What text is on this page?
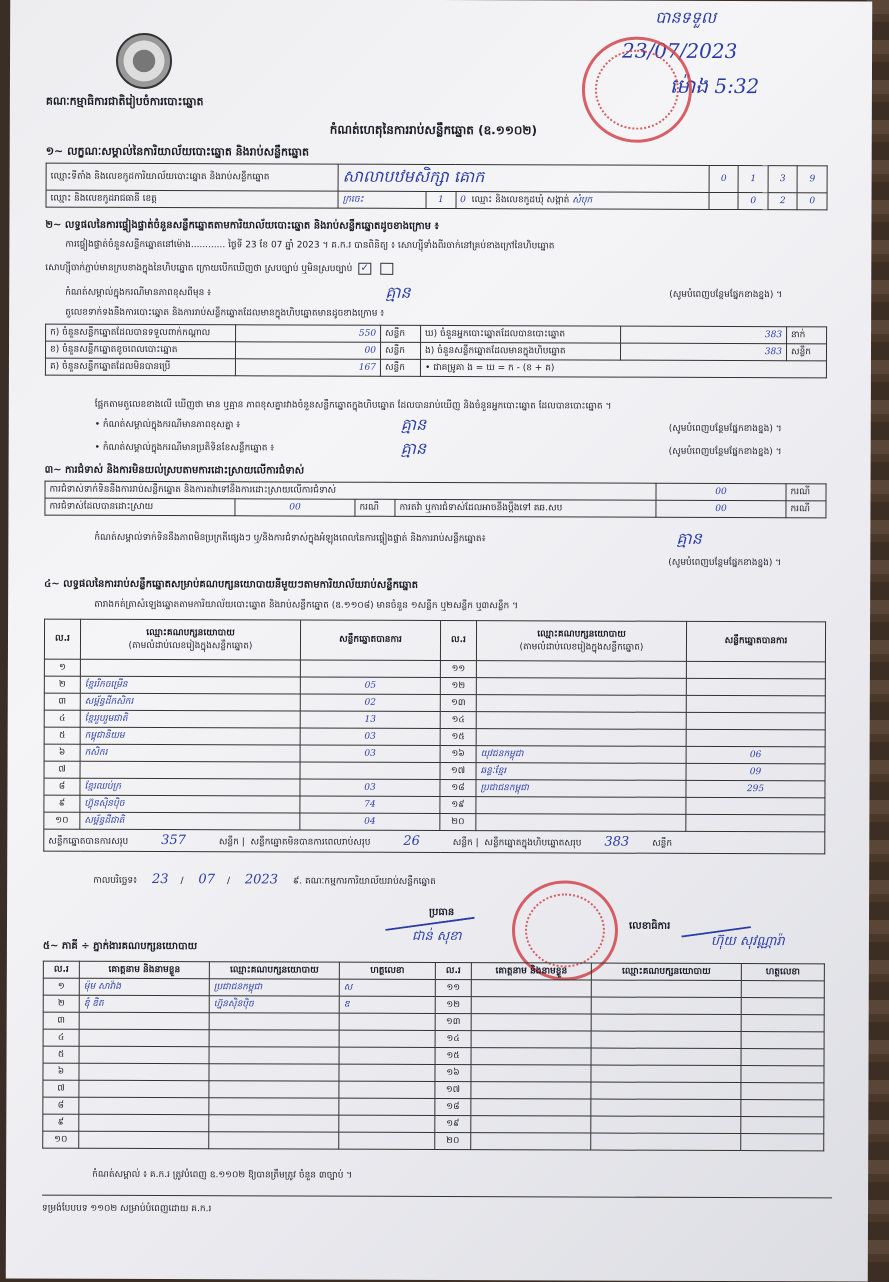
គណៈកម្មាធិការជាតិរៀបចំការបោះឆ្នោត
កំណត់ហេតុនៃការរាប់សន្លឹកឆ្នោត (ឧ.១១០២)
បានទទួល
23/07/2023
ម៉ោង 5:32
១~ លក្ខណៈសម្គាល់នៃការិយាល័យបោះឆ្នោត និងរាប់សន្លឹកឆ្នោត
ឈ្មោះទីតាំង និងលេខកូដការិយាល័យបោះឆ្នោត និងរាប់សន្លឹកឆ្នោត	សាលាបឋមសិក្សា គោក			0	1	3	9
ឈ្មោះ និងលេខកូដរាជធានី ខេត្ត	ក្រចេះ	1	0 ឈ្មោះ និងលេខកូដឃុំ សង្កាត់ សំបុក		0	2	0
២~ លទ្ធផលនៃការផ្ទៀងផ្ទាត់ចំនួនសន្លឹកឆ្នោតតាមការិយាល័យបោះឆ្នោត និងរាប់សន្លឹកឆ្នោតដូចខាងក្រោម ៖
ការផ្ទៀងផ្ទាត់ចំនួនសន្លឹកឆ្នោតនៅម៉ោង............ ថ្ងៃទី 23 ខែ 07 ឆ្នាំ 2023 ។ គ.ក.រ បានពិនិត្យ ៖ សោហ្ស៊ីទាំងពីរចាក់នៅគ្រប់ខាងក្រៅនៃហិបឆ្នោត
សោហ្ស៊ីចាក់ភ្ជាប់មានក្របខាងក្នុងនៃហិបឆ្នោត ក្រោយបើកឃើញថា ស្របច្បាប់ ឬមិនស្របច្បាប់ ✓
កំណត់សម្គាល់ក្នុងករណីមានភាពខុសពីមុន ៖	គ្មាន	(សូមបំពេញបន្ថែមផ្នែកខាងខ្នង) ។
តួលេខទាក់ទងនឹងការបោះឆ្នោត និងការរាប់សន្លឹកឆ្នោតដែលមានក្នុងហិបឆ្នោតមានដូចខាងក្រោម ៖
ក) ចំនួនសន្លឹកឆ្នោតដែលបានទទួលពាក់កណ្តាល	550	សន្លឹក	ឃ) ចំនួនអ្នកបោះឆ្នោតដែលបានបោះឆ្នោត	383	នាក់
ខ) ចំនួនសន្លឹកឆ្នោតខូចពេលបោះឆ្នោត	00	សន្លឹក	ង) ចំនួនសន្លឹកឆ្នោតដែលមានក្នុងហិបឆ្នោត	383	សន្លឹក
គ) ចំនួនសន្លឹកឆ្នោតដែលមិនបានប្រើ	167	សន្លឹក	• ជាគម្រូគា ង = ឃ = ក - (ខ + គ)		
ផ្អែកតាមតួលេខខាងលើ ឃើញថា មាន ឬគ្មាន ភាពខុសគ្នារវាងចំនួនសន្លឹកឆ្នោតក្នុងហិបឆ្នោត ដែលបានរាប់ឃើញ និងចំនួនអ្នកបោះឆ្នោត ដែលបានបោះឆ្នោត ។
• កំណត់សម្គាល់ក្នុងករណីមានភាពខុសគ្នា ៖	គ្មាន	(សូមបំពេញបន្ថែមផ្នែកខាងខ្នង) ។
• កំណត់សម្គាល់ក្នុងករណីមានប្រតិទិនខែសន្លឹកឆ្នោត ៖	គ្មាន	(សូមបំពេញបន្ថែមផ្នែកខាងខ្នង) ។
៣~ ការជំទាស់ និងការមិនយល់ស្របតាមការដោះស្រាយលើការជំទាស់
ការជំទាស់ទាក់ទិននឹងការរាប់សន្លឹកឆ្នោត និងការតវ៉ាទៅនឹងការដោះស្រាយលើការជំទាស់				00	ករណី
ការជំទាស់ដែលបានដោះស្រាយ	00	ករណី	ការតវ៉ា ឬការជំទាស់ដែលអាចនឹងប្តឹងទៅ គឆ.សប	00	ករណី
កំណត់សម្គាល់ទាក់ទិននឹងភាពមិនប្រក្រតីផ្សេងៗ ឬ/និងការជំទាស់ក្នុងអំឡុងពេលនៃការផ្ទៀងផ្ទាត់ និងការរាប់សន្លឹកឆ្នោត៖	គ្មាន
(សូមបំពេញបន្ថែមផ្នែកខាងខ្នង) ។
៤~ លទ្ធផលនៃការរាប់សន្លឹកឆ្នោតសម្រាប់គណបក្សនយោបាយនីមួយៗតាមការិយាល័យរាប់សន្លឹកឆ្នោត
តារាងកត់ត្រាសំឡេងឆ្នោតតាមការិយាល័យបោះឆ្នោត និងរាប់សន្លឹកឆ្នោត (ឧ.១១០៨) មានចំនួន ១សន្លឹក ឬ២សន្លឹក ឬ៣សន្លឹក ។
ល.រ	ឈ្មោះគណបក្សនយោបាយ
(តាមលំដាប់លេខរៀងក្នុងសន្លឹកឆ្នោត)	សន្លឹកឆ្នោតបានការ	ល.រ	ឈ្មោះគណបក្សនយោបាយ
(តាមលំដាប់លេខរៀងក្នុងសន្លឹកឆ្នោត)	សន្លឹកឆ្នោតបានការ
១			១១		
២	ខ្មែររីកចម្រើន	05	១២		
៣	សម្ព័ន្ធដីកសិករ	02	១៣		
៤	ខ្មែររួបរួមជាតិ	13	១៤		
៥	កម្ពុជានិយម	03	១៥		
៦	កសិករ	03	១៦	យុវជនកម្ពុជា	06
៧			១៧	ឆន្ទៈខ្មែរ	09
៨	ខ្មែរឈប់ក្រ	03	១៨	ប្រជាជនកម្ពុជា	295
៩	ហ៊្វុនស៊ិនប៉ិច	74	១៩		
១០	សម្ព័ន្ធដីជាតិ	04	២០		
សន្លឹកឆ្នោតបានការសរុប 357 សន្លឹក |  សន្លឹកឆ្នោតមិនបានការពេលរាប់សរុប 26 សន្លឹក |  សន្លឹកឆ្នោតក្នុងហិបឆ្នោតសរុប 383 សន្លឹក					
កាលបរិច្ឆេទ៖ 23 / 07 / 2023 ៩. គណៈកម្មការការិយាល័យរាប់សន្លឹកឆ្នោត
ប្រធាន
ជាន់ សុខា
លេខាធិការ
ហ៊ុយ សុវណ្ណារ៉ា
៥~ ភាគី ÷ ភ្នាក់ងារគណបក្សនយោបាយ
ល.រ	គោត្តនាម និងនាមខ្លួន	ឈ្មោះគណបក្សនយោបាយ	ហត្ថលេខា	ល.រ	គោត្តនាម និងនាមខ្លួន	ឈ្មោះគណបក្សនយោបាយ	ហត្ថលេខា
១	ម៉ុម សាវ៉ាង	ប្រជាជនកម្ពុជា	ស	១១			
២	ឌុំ ឌិត	ហ្វ៊ុនស៊ិនប៉ិច	ឌ	១២			
៣				១៣			
៤				១៤			
៥				១៥			
៦				១៦			
៧				១៧			
៨				១៨			
៩				១៩			
១០				២០			
កំណត់សម្គាល់ ៖ គ.ក.រ ត្រូវបំពេញ ឧ.១១០២ ឱ្យបានត្រឹមត្រូវ ចំនួន ៣ច្បាប់ ។
ទម្រង់បែបបទ ១១០២ សម្រាប់បំពេញដោយ គ.ក.រ
